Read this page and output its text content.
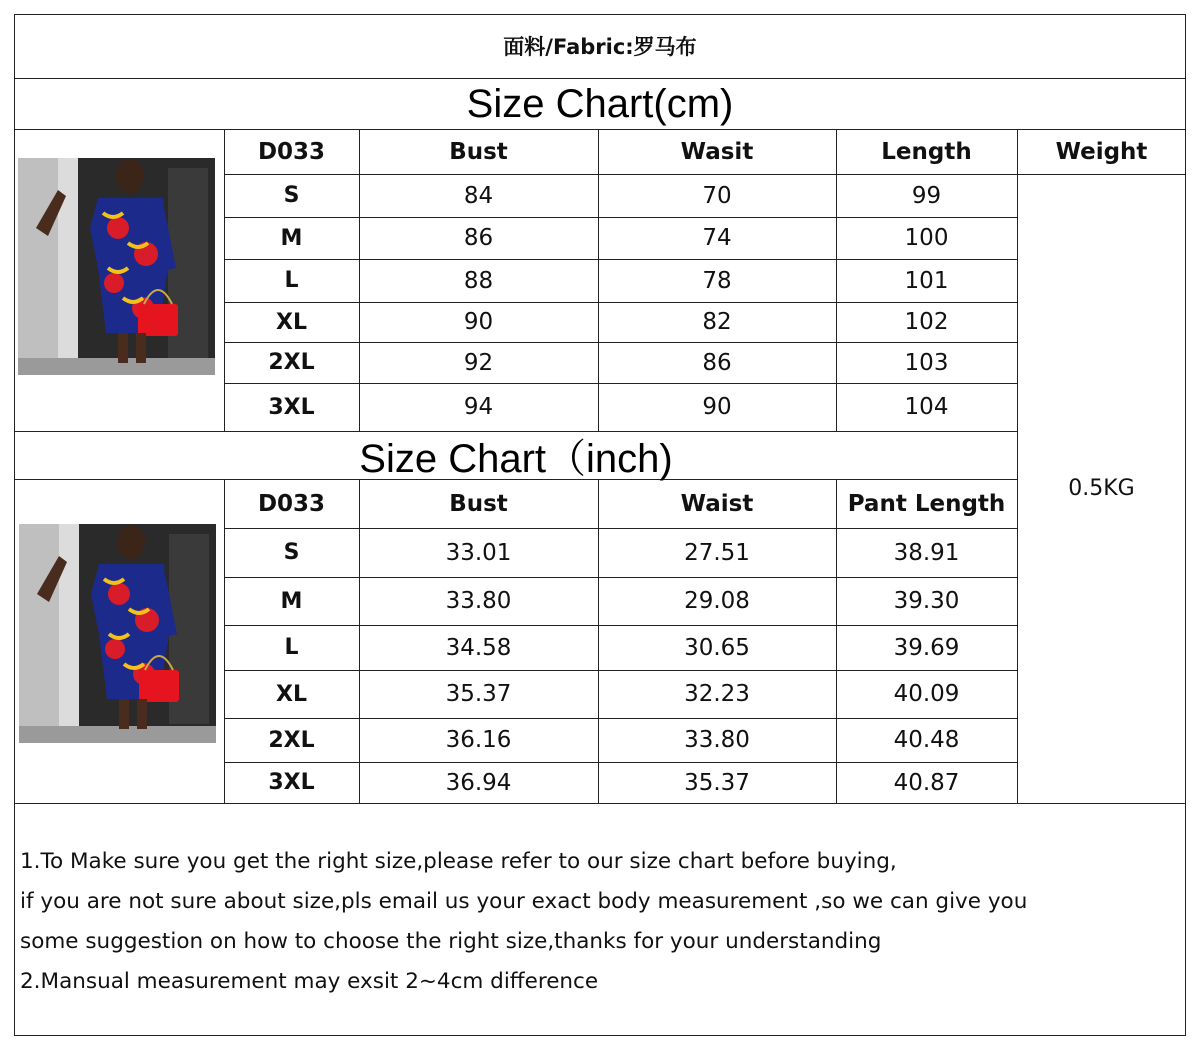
面料/Fabric:罗马布
Size Chart(cm)
Size Chart（inch)
D033	Bust	Wasit	Length	Weight
S	84	70	99
M	86	74	100
L	88	78	101
XL	90	82	102
2XL	92	86	103
3XL	94	90	104
0.5KG
D033	Bust	Waist	Pant Length
S	33.01	27.51	38.91
M	33.80	29.08	39.30
L	34.58	30.65	39.69
XL	35.37	32.23	40.09
2XL	36.16	33.80	40.48
3XL	36.94	35.37	40.87
1.To Make sure you get the right size,please refer to our size chart before buying,
if you are not sure about size,pls email us your exact body measurement ,so we can give you
some suggestion on how to choose the right size,thanks for your understanding
2.Mansual measurement may exsit 2~4cm difference
